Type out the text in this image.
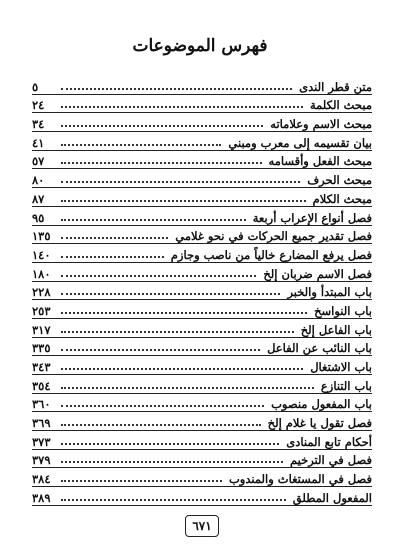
فهرس الموضوعات
متن قطر الندى
٥
مبحث الكلمة
٢٤
مبحث الاسم وعلاماته
٣٤
بيان تقسيمه إلى معرب ومبني
٤١
مبحث الفعل وأقسامه
٥٧
مبحث الحرف
٨٠
مبحث الكلام
٨٧
فصل أنواع الإعراب أربعة
٩٥
فصل تقدير جميع الحركات في نحو غلامي
١٣٥
فصل يرفع المضارع خالياً من ناصب وجازم
١٤٠
فصل الاسم ضربان إلخ
١٨٠
باب المبتدأ والخبر
٢٢٨
باب النواسخ
٢٥٣
باب الفاعل إلخ
٣١٧
باب النائب عن الفاعل
٣٣٥
باب الاشتغال
٣٤٣
باب التنازع
٣٥٤
باب المفعول منصوب
٣٦٠
فصل تقول يا غلام إلخ
٣٦٩
أحكام تابع المنادى
٣٧٣
فصل في الترخيم
٣٧٩
فصل في المستغاث والمندوب
٣٨٤
المفعول المطلق
٣٨٩
٦٧١
